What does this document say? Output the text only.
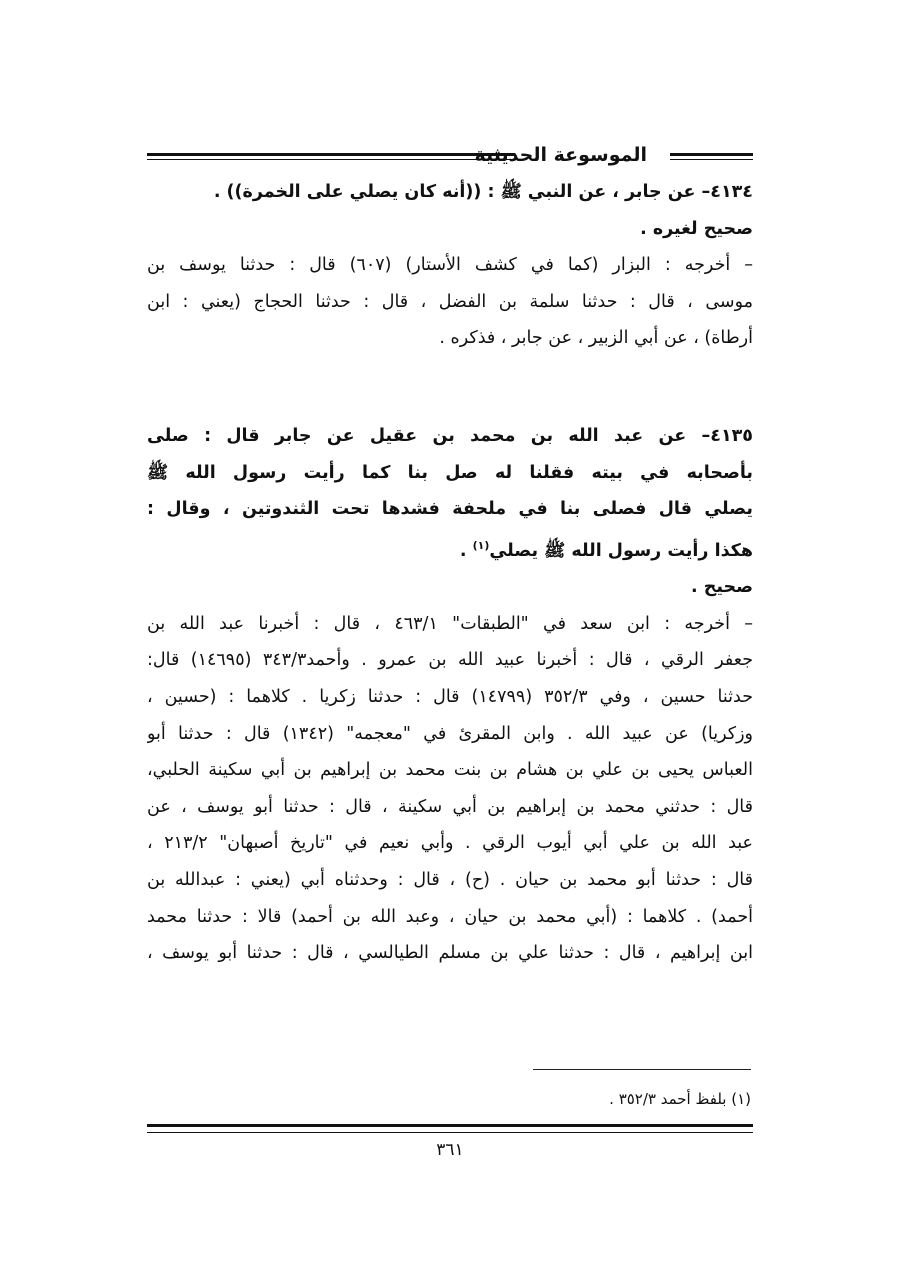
الموسوعة الحديثية
٤١٣٤– عن جابر ، عن النبي ﷺ : ((أنه كان يصلي على الخمرة)) .
صحيح لغيره .
– أخرجه : البزار (كما في كشف الأستار) (٦٠٧) قال : حدثنا يوسف بن
موسى ، قال : حدثنا سلمة بن الفضل ، قال : حدثنا الحجاج (يعني : ابن
أرطاة) ، عن أبي الزبير ، عن جابر ، فذكره .
٤١٣٥– عن عبد الله بن محمد بن عقيل عن جابر قال : صلى
بأصحابه في بيته فقلنا له صل بنا كما رأيت رسول الله ﷺ
يصلي قال فصلى بنا في ملحفة فشدها تحت الثندوتين ، وقال :
هكذا رأيت رسول الله ﷺ يصلي$^{(١)}$ .
صحيح .
– أخرجه : ابن سعد في "الطبقات" ٤٦٣/١ ، قال : أخبرنا عبد الله بن
جعفر الرقي ، قال : أخبرنا عبيد الله بن عمرو . وأحمد٣٤٣/٣ (١٤٦٩٥) قال:
حدثنا حسين ، وفي ٣٥٢/٣ (١٤٧٩٩) قال : حدثنا زكريا . كلاهما : (حسين ،
وزكريا) عن عبيد الله . وابن المقرئ في "معجمه" (١٣٤٢) قال : حدثنا أبو
العباس يحيى بن علي بن هشام بن بنت محمد بن إبراهيم بن أبي سكينة الحلبي،
قال : حدثني محمد بن إبراهيم بن أبي سكينة ، قال : حدثنا أبو يوسف ، عن
عبد الله بن علي أبي أيوب الرقي . وأبي نعيم في "تاريخ أصبهان" ٢١٣/٢ ،
قال : حدثنا أبو محمد بن حيان . (ح) ، قال : وحدثناه أبي (يعني : عبدالله بن
أحمد) . كلاهما : (أبي محمد بن حيان ، وعبد الله بن أحمد) قالا : حدثنا محمد
ابن إبراهيم ، قال : حدثنا علي بن مسلم الطيالسي ، قال : حدثنا أبو يوسف ،
(١) بلفظ أحمد ٣٥٢/٣ .
٣٦١
